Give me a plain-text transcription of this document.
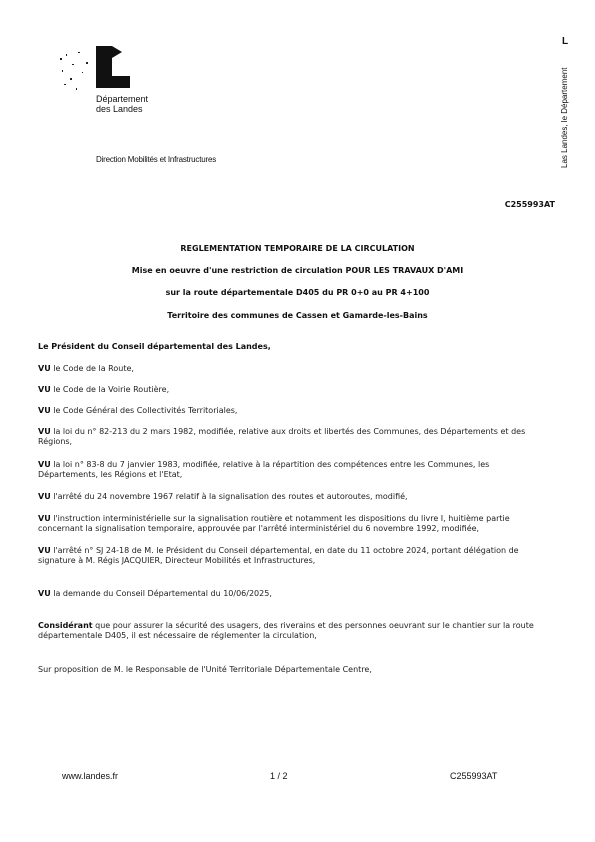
Département
des Landes
Direction Mobilités et Infrastructures
L
Las Landes, le Département
C255993AT
REGLEMENTATION TEMPORAIRE DE LA CIRCULATION
Mise en oeuvre d'une restriction de circulation POUR LES TRAVAUX D'AMI
sur la route départementale D405 du PR 0+0 au PR 4+100
Territoire des communes de Cassen et Gamarde-les-Bains
Le Président du Conseil départemental des Landes,
VU le Code de la Route,
VU le Code de la Voirie Routière,
VU le Code Général des Collectivités Territoriales,
VU la loi du n° 82-213 du 2 mars 1982, modifiée, relative aux droits et libertés des Communes, des Départements et des Régions,
VU la loi n° 83-8 du 7 janvier 1983, modifiée, relative à la répartition des compétences entre les Communes, les Départements, les Régions et l'Etat,
VU l'arrêté du 24 novembre 1967 relatif à la signalisation des routes et autoroutes, modifié,
VU l'instruction interministérielle sur la signalisation routière et notamment les dispositions du livre I, huitième partie concernant la signalisation temporaire, approuvée par l'arrêté interministériel du 6 novembre 1992, modifiée,
VU l'arrêté n° SJ 24-18 de M. le Président du Conseil départemental, en date du 11 octobre 2024, portant délégation de signature à M. Régis JACQUIER, Directeur Mobilités et Infrastructures,
VU la demande du Conseil Départemental du 10/06/2025,
Considérant que pour assurer la sécurité des usagers, des riverains et des personnes oeuvrant sur le chantier sur la route départementale D405, il est nécessaire de réglementer la circulation,
Sur proposition de M. le Responsable de l'Unité Territoriale Départementale Centre,
www.landes.fr	1 / 2	C255993AT
